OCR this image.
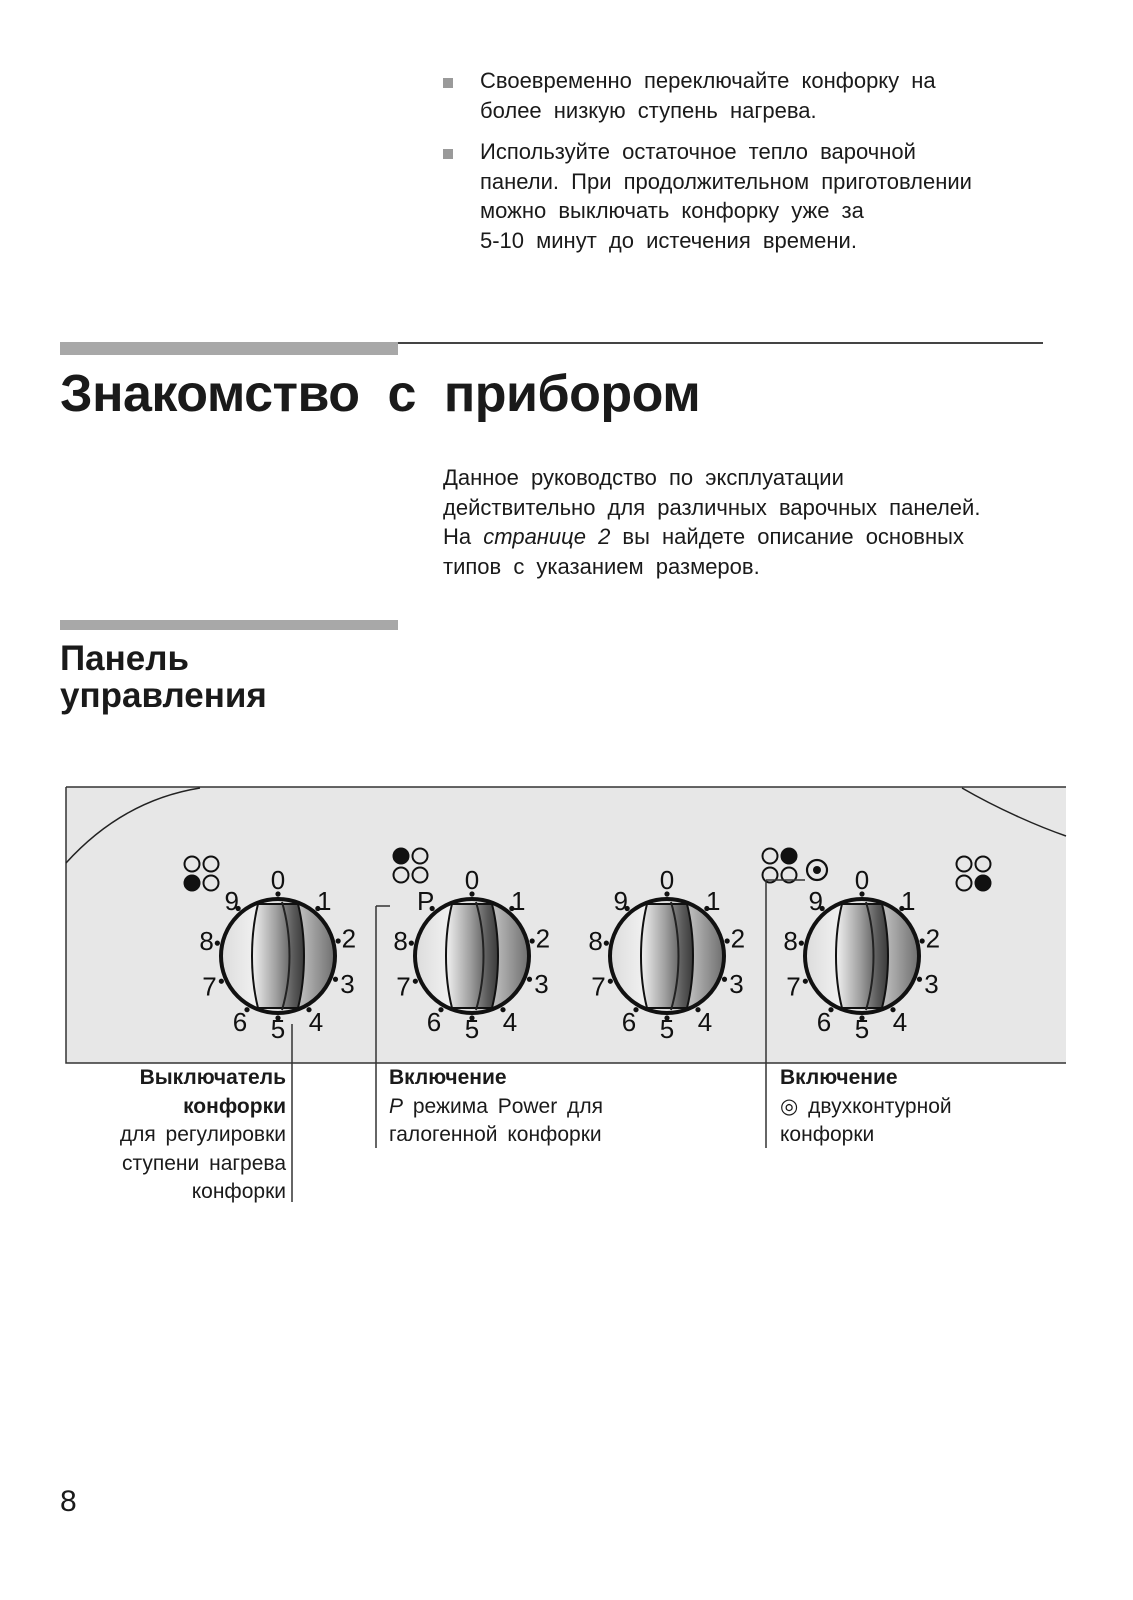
Своевременно переключайте конфорку на
более низкую ступень нагрева.
Используйте остаточное тепло варочной
панели. При продолжительном приготовлении
можно выключать конфорку уже за
5-10 минут до истечения времени.
Знакомство с прибором
Данное руководство по эксплуатации
действительно для различных варочных панелей.
На странице 2 вы найдете описание основных
типов с указанием размеров.
Панель
управления
0
1
2
3
4
5
6
7
8
9
0
1
2
3
4
5
6
7
8
P
0
1
2
3
4
5
6
7
8
9
0
1
2
3
4
5
6
7
8
9
Выключатель
конфорки
для регулировки
ступени нагрева
конфорки
Включение
P режима Power для
галогенной конфорки
Включение
◎ двухконтурной
конфорки
8
